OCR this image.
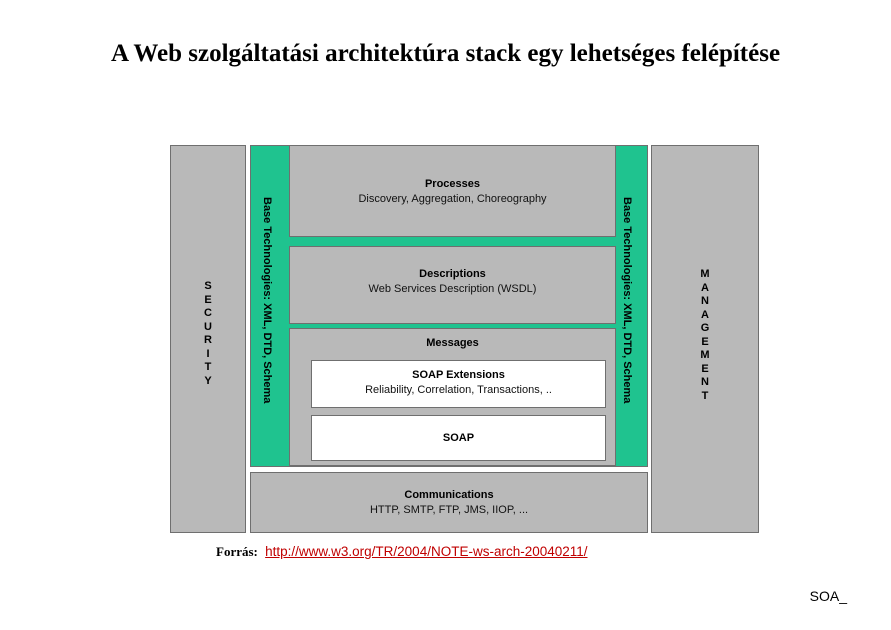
A Web szolgáltatási architektúra stack egy lehetséges felépítése
S
E
C
U
R
I
T
Y	Base Technologies: XML, DTD, Schema	Base Technologies: XML, DTD, Schema
Processes
Discovery, Aggregation, Choreography
Descriptions
Web Services Description (WSDL)
Messages
SOAP Extensions
Reliability, Correlation, Transactions, ..
SOAP
Communications
HTTP, SMTP, FTP, JMS, IIOP, ...
M
A
N
A
G
E
M
E
N
T
Forrás: http://www.w3.org/TR/2004/NOTE-ws-arch-20040211/
SOA_
